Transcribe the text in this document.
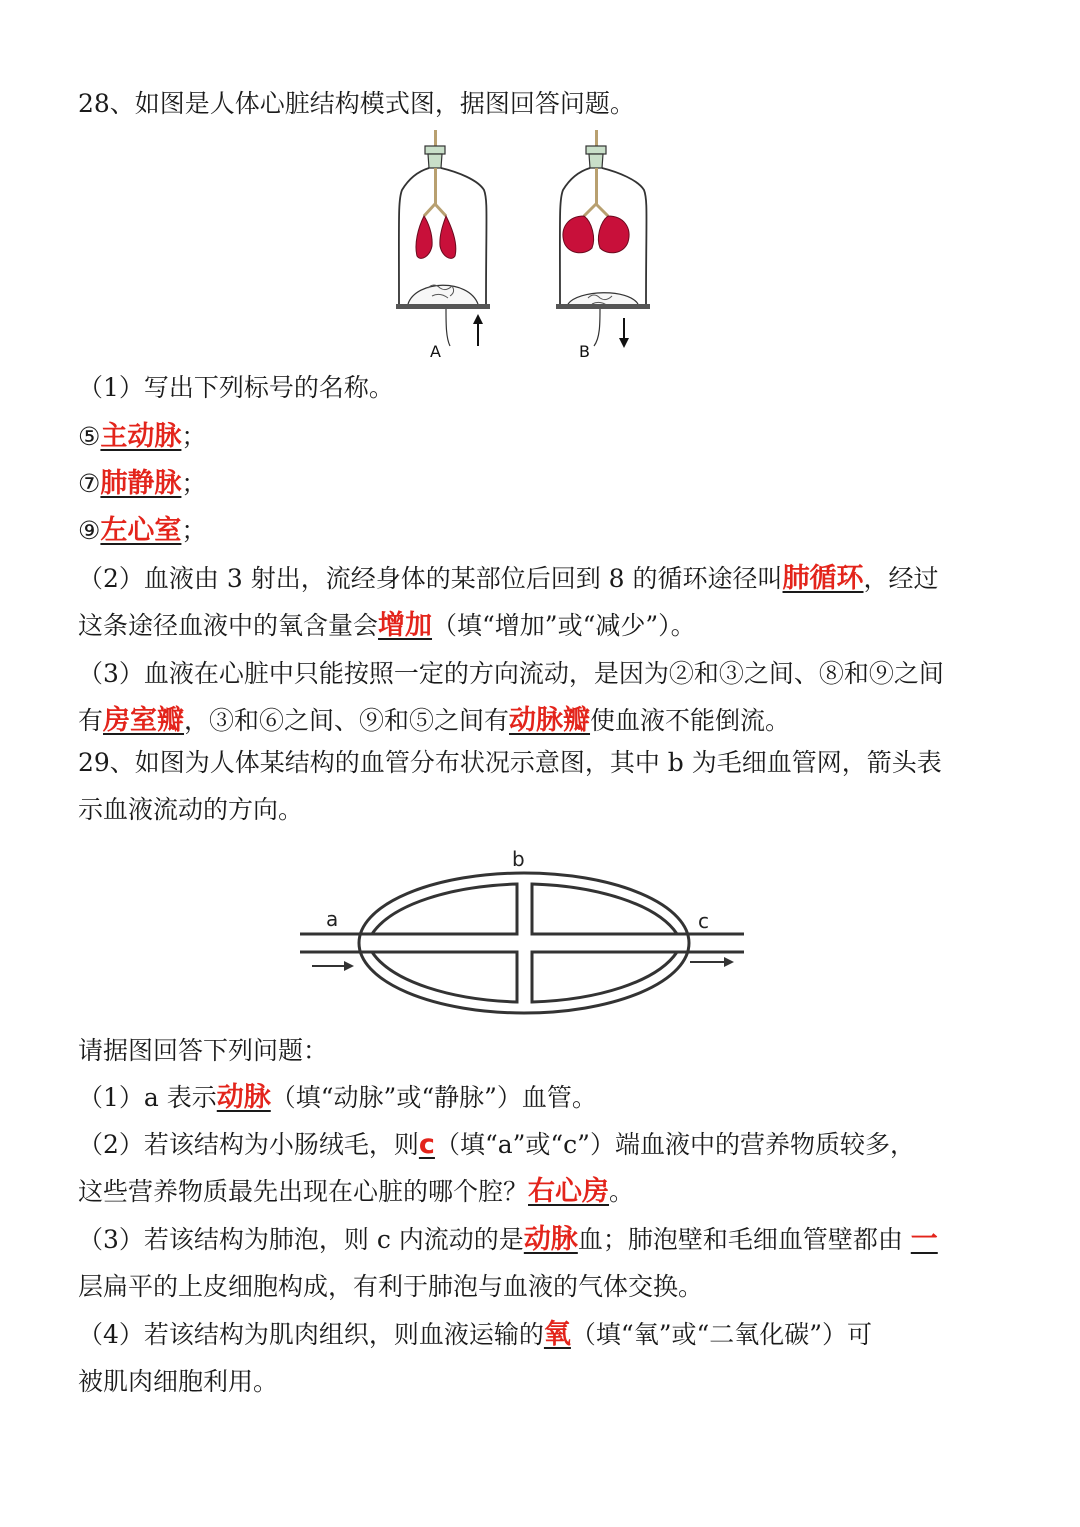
28、如图是人体心脏结构模式图，据图回答问题。
A	B
（1）写出下列标号的名称。
⑤主动脉；
⑦肺静脉；
⑨左心室；
（2）血液由 3 射出，流经身体的某部位后回到 8 的循环途径叫肺循环，经过
这条途径血液中的氧含量会增加（填“增加”或“减少”）。
（3）血液在心脏中只能按照一定的方向流动，是因为②和③之间、⑧和⑨之间
有房室瓣，③和⑥之间、⑨和⑤之间有动脉瓣使血液不能倒流。
29、如图为人体某结构的血管分布状况示意图，其中 b 为毛细血管网，箭头表
示血液流动的方向。
a
b
c
请据图回答下列问题：
（1）a 表示动脉（填“动脉”或“静脉”）血管。
（2）若该结构为小肠绒毛，则c（填“a”或“c”）端血液中的营养物质较多，
这些营养物质最先出现在心脏的哪个腔？右心房。
（3）若该结构为肺泡，则 c 内流动的是动脉血；肺泡壁和毛细血管壁都由 一
层扁平的上皮细胞构成，有利于肺泡与血液的气体交换。
（4）若该结构为肌肉组织，则血液运输的氧（填“氧”或“二氧化碳”）可
被肌肉细胞利用。
